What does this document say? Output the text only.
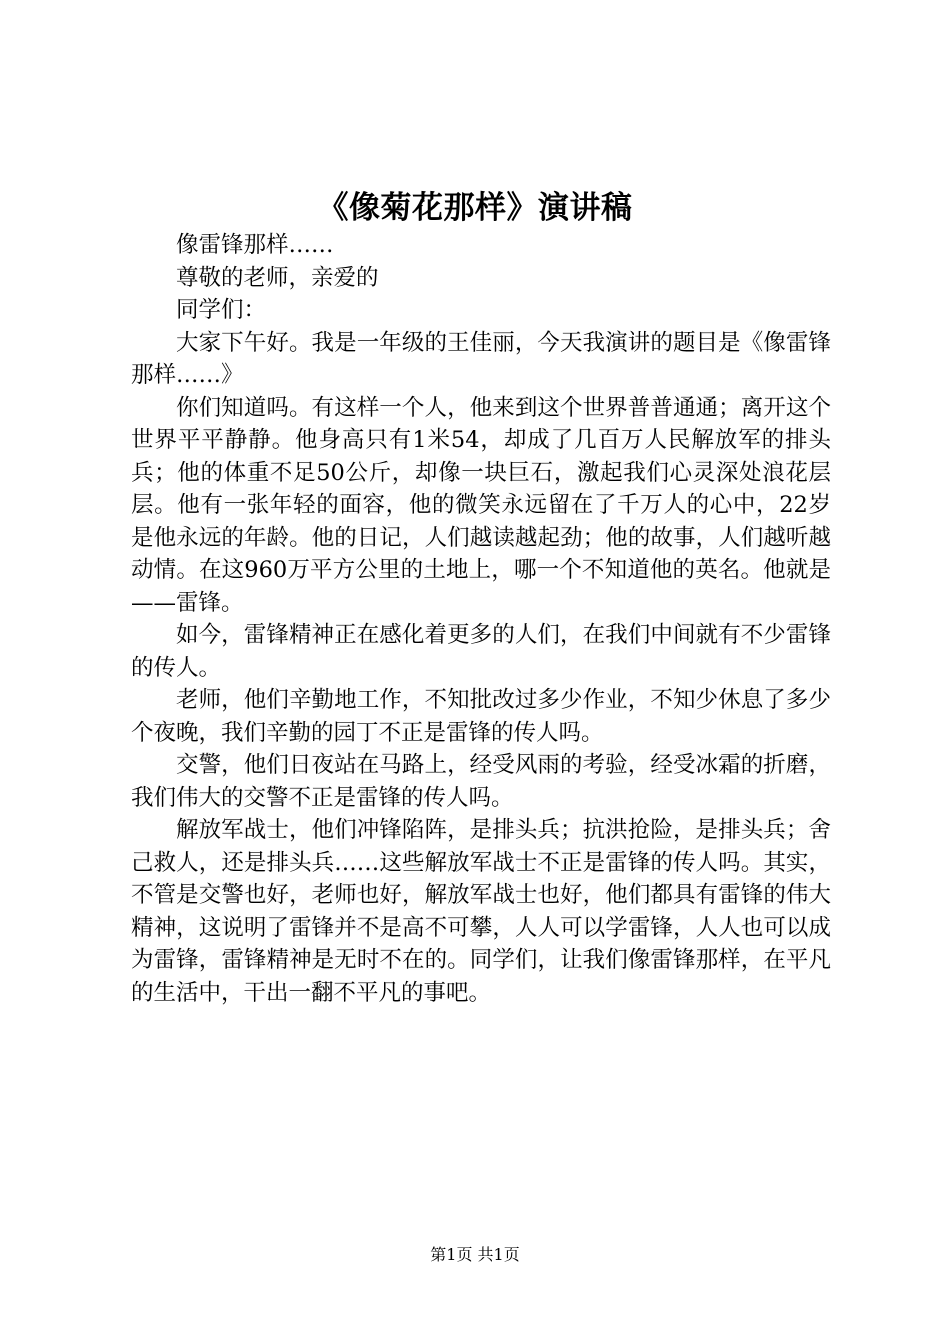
《像菊花那样》演讲稿

像雷锋那样……

尊敬的老师，亲爱的

同学们：

大家下午好。我是一年级的王佳丽，今天我演讲的题目是《像雷锋那样……》

你们知道吗。有这样一个人，他来到这个世界普普通通；离开这个世界平平静静。他身高只有1米54，却成了几百万人民解放军的排头兵；他的体重不足50公斤，却像一块巨石，激起我们心灵深处浪花层层。他有一张年轻的面容，他的微笑永远留在了千万人的心中，22岁是他永远的年龄。他的日记，人们越读越起劲；他的故事，人们越听越动情。在这960万平方公里的土地上，哪一个不知道他的英名。他就是——雷锋。

如今，雷锋精神正在感化着更多的人们，在我们中间就有不少雷锋的传人。

老师，他们辛勤地工作，不知批改过多少作业，不知少休息了多少个夜晚，我们辛勤的园丁不正是雷锋的传人吗。

交警，他们日夜站在马路上，经受风雨的考验，经受冰霜的折磨，我们伟大的交警不正是雷锋的传人吗。

解放军战士，他们冲锋陷阵，是排头兵；抗洪抢险，是排头兵；舍己救人，还是排头兵……这些解放军战士不正是雷锋的传人吗。其实，不管是交警也好，老师也好，解放军战士也好，他们都具有雷锋的伟大精神，这说明了雷锋并不是高不可攀，人人可以学雷锋，人人也可以成为雷锋，雷锋精神是无时不在的。同学们，让我们像雷锋那样，在平凡的生活中，干出一翻不平凡的事吧。

第1页 共1页
